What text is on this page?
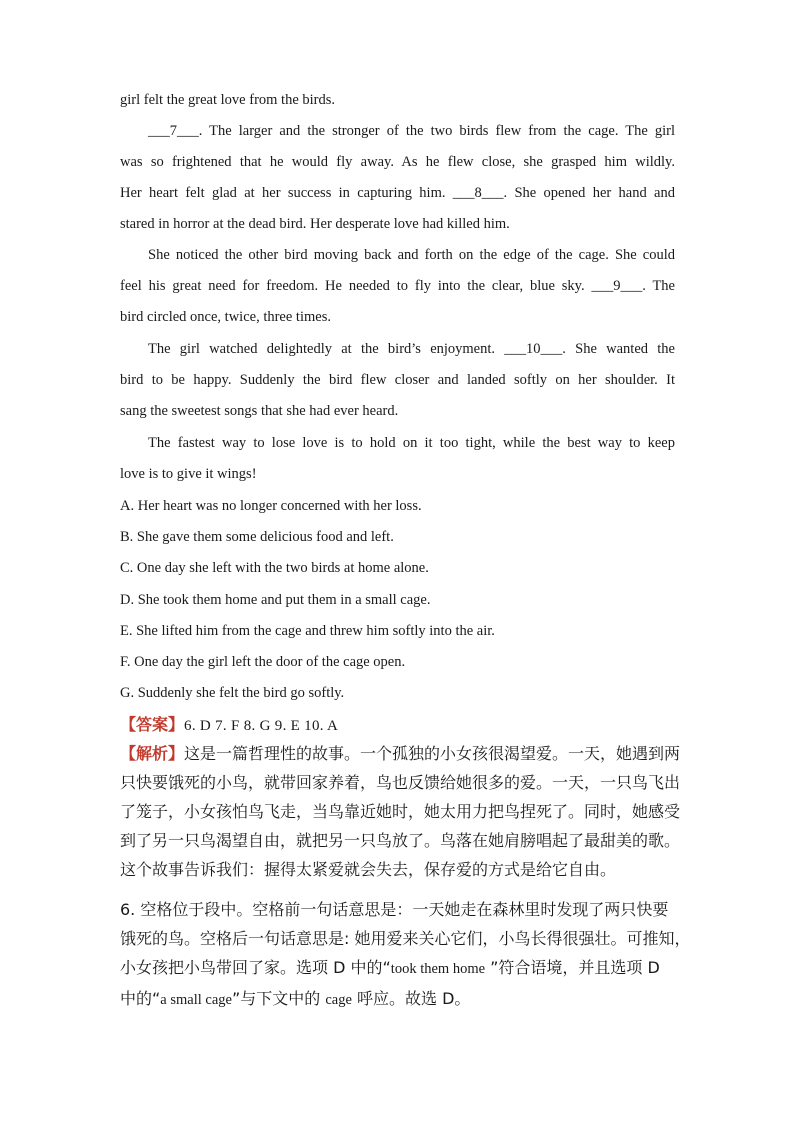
girl felt the great love from the birds.

___7___. The larger and the stronger of the two birds flew from the cage. The girl
was so frightened that he would fly away. As he flew close, she grasped him wildly.
Her heart felt glad at her success in capturing him. ___8___. She opened her hand and
stared in horror at the dead bird. Her desperate love had killed him.
She noticed the other bird moving back and forth on the edge of the cage. She could
feel his great need for freedom. He needed to fly into the clear, blue sky. ___9___. The
bird circled once, twice, three times.
The girl watched delightedly at the bird’s enjoyment. ___10___. She wanted the
bird to be happy. Suddenly the bird flew closer and landed softly on her shoulder. It
sang the sweetest songs that she had ever heard.
The fastest way to lose love is to hold on it too tight, while the best way to keep
love is to give it wings!
A. Her heart was no longer concerned with her loss.
B. She gave them some delicious food and left.
C. One day she left with the two birds at home alone.
D. She took them home and put them in a small cage.
E. She lifted him from the cage and threw him softly into the air.
F. One day the girl left the door of the cage open.
G. Suddenly she felt the bird go softly.
【答案】6. D 7. F 8. G 9. E 10. A
【解析】这是一篇哲理性的故事。一个孤独的小女孩很渴望爱。一天，她遇到两
只快要饿死的小鸟，就带回家养着，鸟也反馈给她很多的爱。一天，一只鸟飞出
了笼子，小女孩怕鸟飞走，当鸟靠近她时，她太用力把鸟捏死了。同时，她感受
到了另一只鸟渴望自由，就把另一只鸟放了。鸟落在她肩膀唱起了最甜美的歌。
这个故事告诉我们：握得太紧爱就会失去，保存爱的方式是给它自由。
6. 空格位于段中。空格前一句话意思是：一天她走在森林里时发现了两只快要
饿死的鸟。空格后一句话意思是: 她用爱来关心它们，小鸟长得很强壮。可推知，
小女孩把小鸟带回了家。选项 D 中的“took them home ”符合语境，并且选项 D
中的“a small cage”与下文中的 cage 呼应。故选 D。
